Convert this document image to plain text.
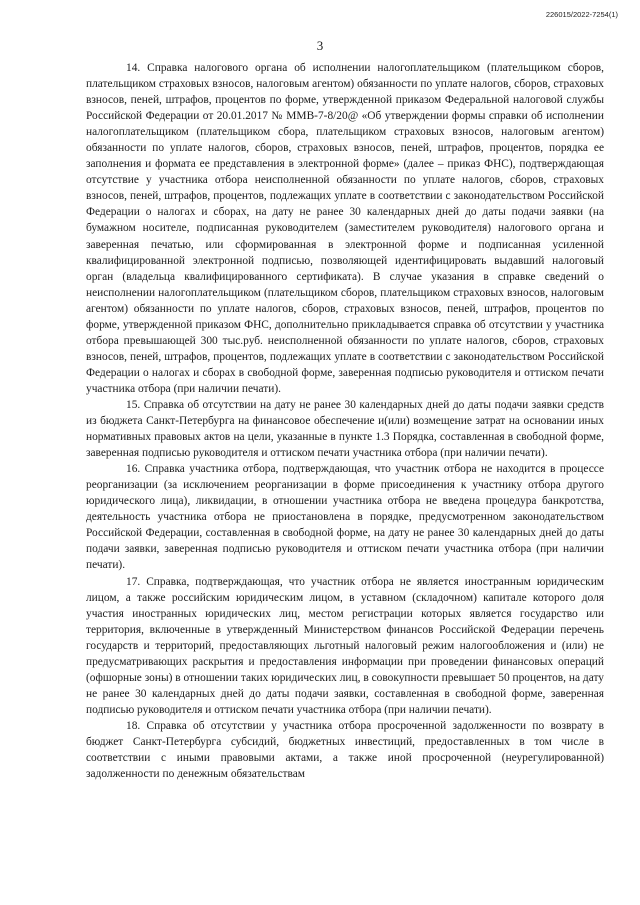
226015/2022-7254(1)
3

14. Справка налогового органа об исполнении налогоплательщиком (плательщиком сборов, плательщиком страховых взносов, налоговым агентом) обязанности по уплате налогов, сборов, страховых взносов, пеней, штрафов, процентов по форме, утвержденной приказом Федеральной налоговой службы Российской Федерации от 20.01.2017 № ММВ-7-8/20@ «Об утверждении формы справки об исполнении налогоплательщиком (плательщиком сбора, плательщиком страховых взносов, налоговым агентом) обязанности по уплате налогов, сборов, страховых взносов, пеней, штрафов, процентов, порядка ее заполнения и формата ее представления в электронной форме» (далее – приказ ФНС), подтверждающая отсутствие у участника отбора неисполненной обязанности по уплате налогов, сборов, страховых взносов, пеней, штрафов, процентов, подлежащих уплате в соответствии с законодательством Российской Федерации о налогах и сборах, на дату не ранее 30 календарных дней до даты подачи заявки (на бумажном носителе, подписанная руководителем (заместителем руководителя) налогового органа и заверенная печатью, или сформированная в электронной форме и подписанная усиленной квалифицированной электронной подписью, позволяющей идентифицировать выдавший налоговый орган (владельца квалифицированного сертификата). В случае указания в справке сведений о неисполнении налогоплательщиком (плательщиком сборов, плательщиком страховых взносов, налоговым агентом) обязанности по уплате налогов, сборов, страховых взносов, пеней, штрафов, процентов по форме, утвержденной приказом ФНС, дополнительно прикладывается справка об отсутствии у участника отбора превышающей 300 тыс.руб. неисполненной обязанности по уплате налогов, сборов, страховых взносов, пеней, штрафов, процентов, подлежащих уплате в соответствии с законодательством Российской Федерации о налогах и сборах в свободной форме, заверенная подписью руководителя и оттиском печати участника отбора (при наличии печати).

15. Справка об отсутствии на дату не ранее 30 календарных дней до даты подачи заявки средств из бюджета Санкт-Петербурга на финансовое обеспечение и(или) возмещение затрат на основании иных нормативных правовых актов на цели, указанные в пункте 1.3 Порядка, составленная в свободной форме, заверенная подписью руководителя и оттиском печати участника отбора (при наличии печати).

16. Справка участника отбора, подтверждающая, что участник отбора не находится в процессе реорганизации (за исключением реорганизации в форме присоединения к участнику отбора другого юридического лица), ликвидации, в отношении участника отбора не введена процедура банкротства, деятельность участника отбора не приостановлена в порядке, предусмотренном законодательством Российской Федерации, составленная в свободной форме, на дату не ранее 30 календарных дней до даты подачи заявки, заверенная подписью руководителя и оттиском печати участника отбора (при наличии печати).

17. Справка, подтверждающая, что участник отбора не является иностранным юридическим лицом, а также российским юридическим лицом, в уставном (складочном) капитале которого доля участия иностранных юридических лиц, местом регистрации которых является государство или территория, включенные в утвержденный Министерством финансов Российской Федерации перечень государств и территорий, предоставляющих льготный налоговый режим налогообложения и (или) не предусматривающих раскрытия и предоставления информации при проведении финансовых операций (офшорные зоны) в отношении таких юридических лиц, в совокупности превышает 50 процентов, на дату не ранее 30 календарных дней до даты подачи заявки, составленная в свободной форме, заверенная подписью руководителя и оттиском печати участника отбора (при наличии печати).

18. Справка об отсутствии у участника отбора просроченной задолженности по возврату в бюджет Санкт-Петербурга субсидий, бюджетных инвестиций, предоставленных в том числе в соответствии с иными правовыми актами, а также иной просроченной (неурегулированной) задолженности по денежным обязательствам
